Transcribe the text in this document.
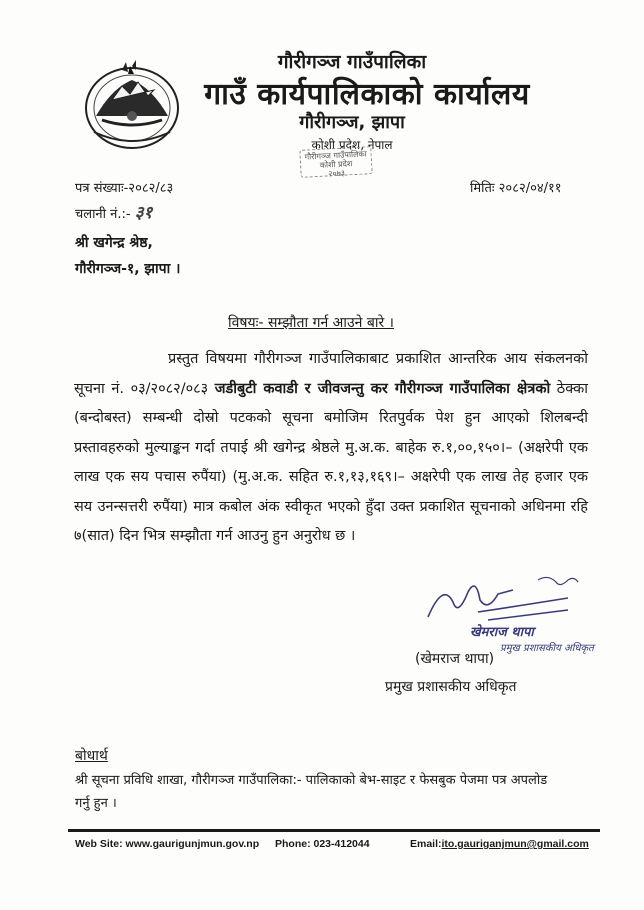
गौरीगञ्ज गाउँपालिका
गाउँ कार्यपालिकाको कार्यालय
गौरीगञ्ज, झापा
कोशी प्रदेश, नेपाल
गौरीगञ्ज गाउँपालिका
कोशी प्रदेश
२०७३
पत्र संख्याः-२०८२/८३
चलानी नं.:- ३१
मितिः २०८२/०४/११
श्री खगेन्द्र श्रेष्ठ,
गौरीगञ्ज-१, झापा ।
विषयः- सम्झौता गर्न आउने बारे ।
प्रस्तुत विषयमा गौरीगञ्ज गाउँपालिकाबाट प्रकाशित आन्तरिक आय संकलनको सूचना नं. ०३/२०८२/०८३ जडीबुटी कवाडी र जीवजन्तु कर गौरीगञ्ज गाउँपालिका क्षेत्रको ठेक्का (बन्दोबस्त) सम्बन्धी दोस्रो पटकको सूचना बमोजिम रितपुर्वक पेश हुन आएको शिलबन्दी प्रस्तावहरुको मुल्याङ्कन गर्दा तपाई श्री खगेन्द्र श्रेष्ठले मु.अ.क. बाहेक रु.१,००,१५०।– (अक्षरेपी एक लाख एक सय पचास रुपैंया) (मु.अ.क. सहित रु.१,१३,१६९।– अक्षरेपी एक लाख तेह हजार एक सय उनन्सत्तरी रुपैंया) मात्र कबोल अंक स्वीकृत भएको हुँदा उक्त प्रकाशित सूचनाको अधिनमा रहि ७(सात) दिन भित्र सम्झौता गर्न आउनु हुन अनुरोध छ ।
खेमराज थापा
प्रमुख प्रशासकीय अधिकृत
(खेमराज थापा)
प्रमुख प्रशासकीय अधिकृत
बोधार्थ
श्री सूचना प्रविधि शाखा, गौरीगञ्ज गाउँपालिका:- पालिकाको बेभ-साइट र फेसबुक पेजमा पत्र अपलोड
गर्नु हुन ।
Web Site: www.gaurigunjmun.gov.np Phone: 023-412044	Email:ito.gauriganjmun@gmail.com
